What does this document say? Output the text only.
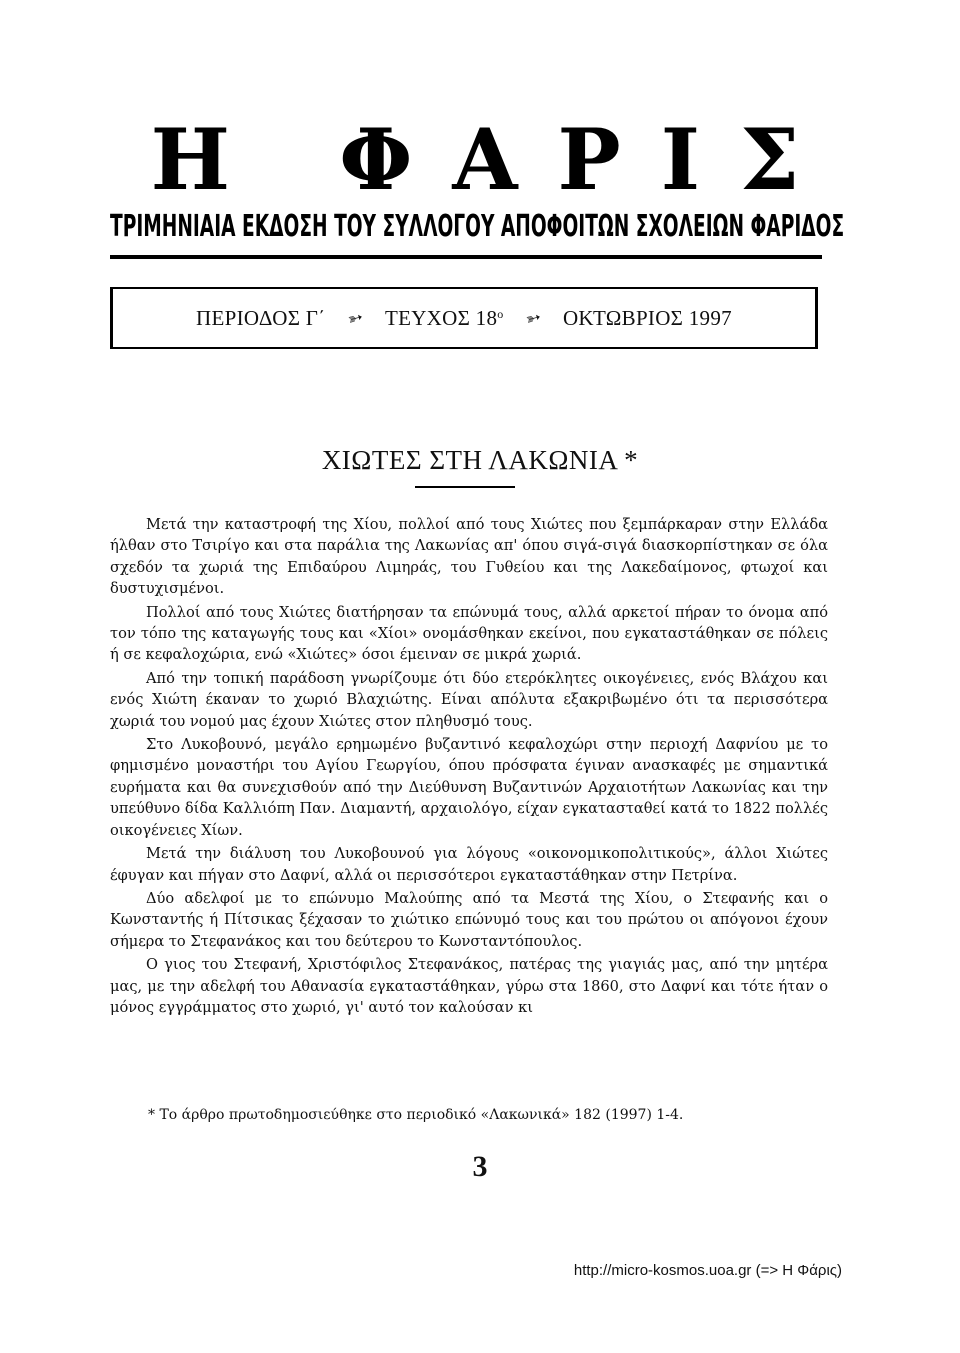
Η ΦΑΡΙΣ
ΤΡΙΜΗΝΙΑΙΑ ΕΚΔΟΣΗ ΤΟΥ ΣΥΛΛΟΓΟΥ ΑΠΟΦΟΙΤΩΝ ΣΧΟΛΕΙΩΝ ΦΑΡΙΔΟΣ
ΠΕΡΙΟΔΟΣ Γ΄ ➳ ΤΕΥΧΟΣ $18^o$ ➳ ΟΚΤΩΒΡΙΟΣ 1997
ΧΙΩΤΕΣ ΣΤΗ ΛΑΚΩΝΙΑ *

Μετά την καταστροφή της Χίου, πολλοί από τους Χιώτες που ξεμπάρκαραν στην Ελλάδα ήλθαν στο Τσιρίγο και στα παράλια της Λακωνίας απ' όπου σιγά-σιγά διασκορπίστηκαν σε όλα σχεδόν τα χωριά της Επιδαύρου Λιμηράς, του Γυθείου και της Λακεδαίμονος, φτωχοί και δυστυχισμένοι.

Πολλοί από τους Χιώτες διατήρησαν τα επώνυμά τους, αλλά αρκετοί πήραν το όνομα από τον τόπο της καταγωγής τους και «Χίοι» ονομάσθηκαν εκείνοι, που εγκαταστάθηκαν σε πόλεις ή σε κεφαλοχώρια, ενώ «Χιώτες» όσοι έμειναν σε μικρά χωριά.

Από την τοπική παράδοση γνωρίζουμε ότι δύο ετερόκλητες οικογένειες, ενός Βλάχου και ενός Χιώτη έκαναν το χωριό Βλαχιώτης. Είναι απόλυτα εξακριβωμένο ότι τα περισσότερα χωριά του νομού μας έχουν Χιώτες στον πληθυσμό τους.

Στο Λυκοβουνό, μεγάλο ερημωμένο βυζαντινό κεφαλοχώρι στην περιοχή Δαφνίου με το φημισμένο μοναστήρι του Αγίου Γεωργίου, όπου πρόσφατα έγιναν ανασκαφές με σημαντικά ευρήματα και θα συνεχισθούν από την Διεύθυνση Βυζαντινών Αρχαιοτήτων Λακωνίας και την υπεύθυνο δίδα Καλλιόπη Παν. Διαμαντή, αρχαιολόγο, είχαν εγκατασταθεί κατά το 1822 πολλές οικογένειες Χίων.

Μετά την διάλυση του Λυκοβουνού για λόγους «οικονομικοπολιτικούς», άλλοι Χιώτες έφυγαν και πήγαν στο Δαφνί, αλλά οι περισσότεροι εγκαταστάθηκαν στην Πετρίνα.

Δύο αδελφοί με το επώνυμο Μαλούπης από τα Μεστά της Χίου, ο Στεφανής και ο Κωνσταντής ή Πίτσικας ξέχασαν το χιώτικο επώνυμό τους και του πρώτου οι απόγονοι έχουν σήμερα το Στεφανάκος και του δεύτερου το Κωνσταντόπουλος.

Ο γιος του Στεφανή, Χριστόφιλος Στεφανάκος, πατέρας της γιαγιάς μας, από την μητέρα μας, με την αδελφή του Αθανασία εγκαταστάθηκαν, γύρω στα 1860, στο Δαφνί και τότε ήταν ο μόνος εγγράμματος στο χωριό, γι' αυτό τον καλούσαν κι

* Το άρθρο πρωτοδημοσιεύθηκε στο περιοδικό «Λακωνικά» 182 (1997) 1-4.
3
http://micro-kosmos.uoa.gr (=> Η Φάρις)
